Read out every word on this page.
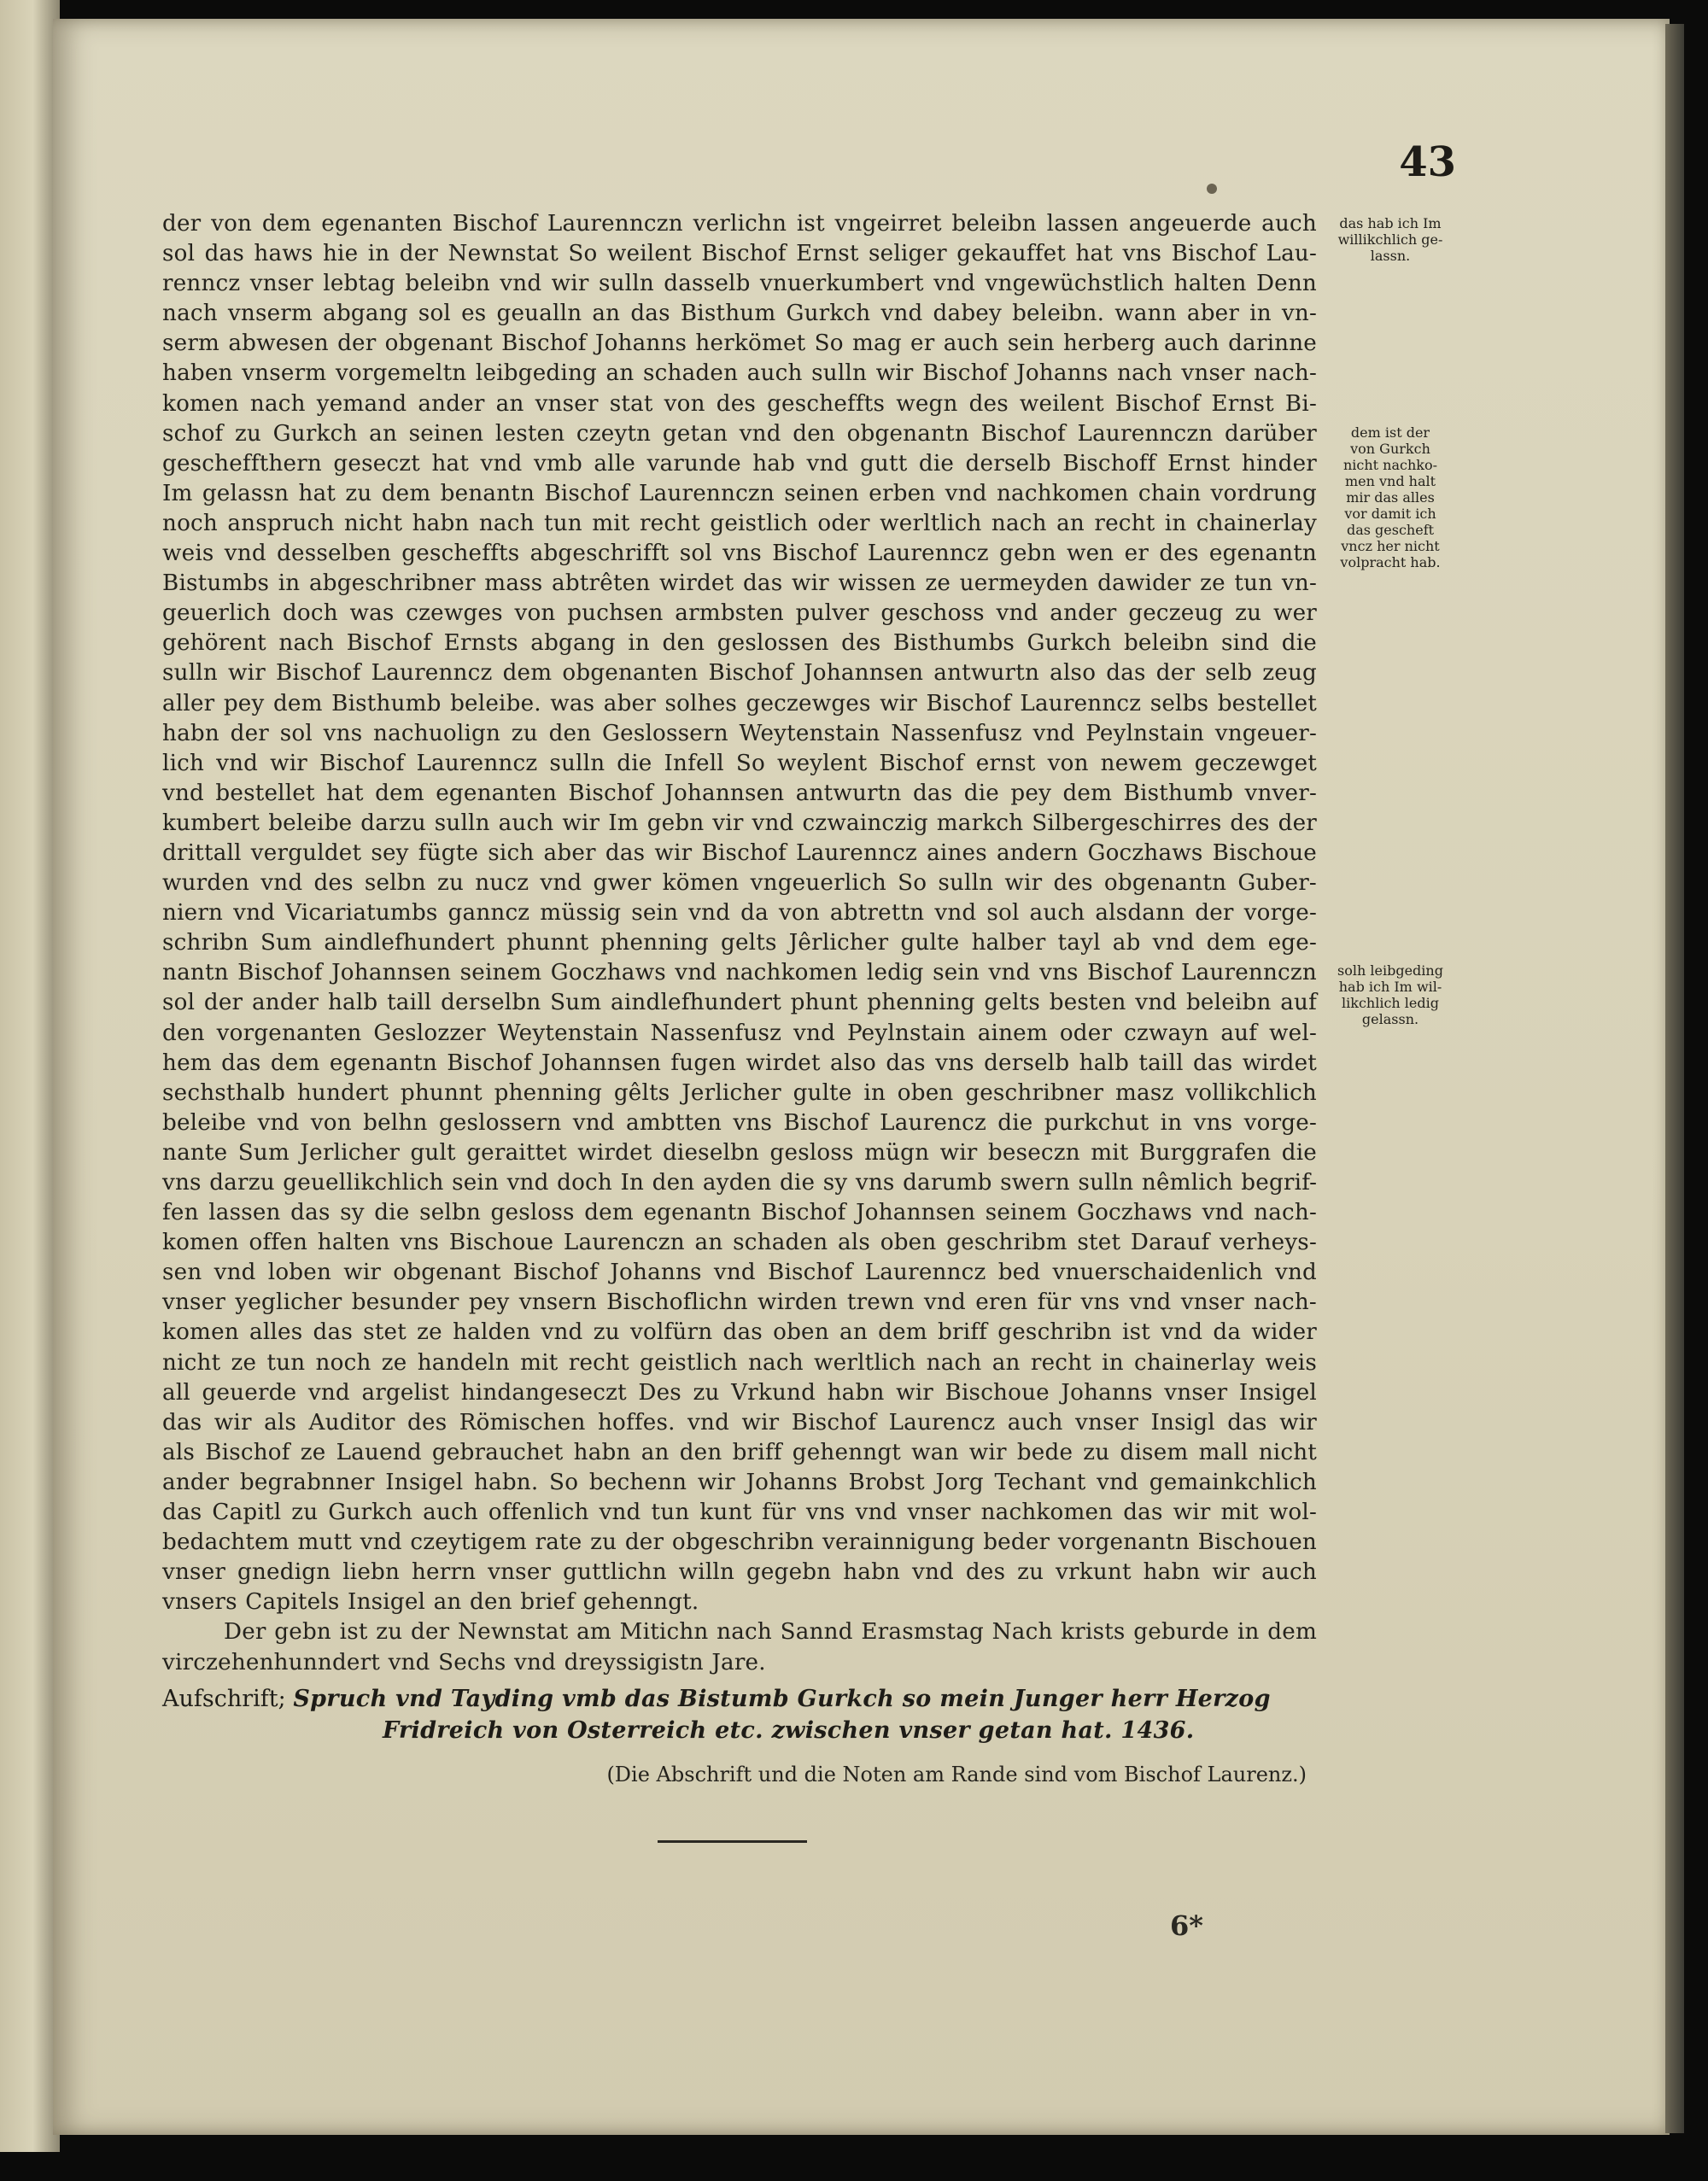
43
der von dem egenanten Bischof Laurennczn verlichn ist vngeirret beleibn lassen angeuerde auch
sol das haws hie in der Newnstat So weilent Bischof Ernst seliger gekauffet hat vns Bischof Lau-
renncz vnser lebtag beleibn vnd wir sulln dasselb vnuerkumbert vnd vngewüchstlich halten Denn
nach vnserm abgang sol es geualln an das Bisthum Gurkch vnd dabey beleibn. wann aber in vn-
serm abwesen der obgenant Bischof Johanns herkömet So mag er auch sein herberg auch darinne
haben vnserm vorgemeltn leibgeding an schaden auch sulln wir Bischof Johanns nach vnser nach-
komen nach yemand ander an vnser stat von des gescheffts wegn des weilent Bischof Ernst Bi-
schof zu Gurkch an seinen lesten czeytn getan vnd den obgenantn Bischof Laurennczn darüber
gescheffthern geseczt hat vnd vmb alle varunde hab vnd gutt die derselb Bischoff Ernst hinder
Im gelassn hat zu dem benantn Bischof Laurennczn seinen erben vnd nachkomen chain vordrung
noch anspruch nicht habn nach tun mit recht geistlich oder werltlich nach an recht in chainerlay
weis vnd desselben gescheffts abgeschrifft sol vns Bischof Laurenncz gebn wen er des egenantn
Bistumbs in abgeschribner mass abtrêten wirdet das wir wissen ze uermeyden dawider ze tun vn-
geuerlich doch was czewges von puchsen armbsten pulver geschoss vnd ander geczeug zu wer
gehörent nach Bischof Ernsts abgang in den geslossen des Bisthumbs Gurkch beleibn sind die
sulln wir Bischof Laurenncz dem obgenanten Bischof Johannsen antwurtn also das der selb zeug
aller pey dem Bisthumb beleibe. was aber solhes geczewges wir Bischof Laurenncz selbs bestellet
habn der sol vns nachuolign zu den Geslossern Weytenstain Nassenfusz vnd Peylnstain vngeuer-
lich vnd wir Bischof Laurenncz sulln die Infell So weylent Bischof ernst von newem geczewget
vnd bestellet hat dem egenanten Bischof Johannsen antwurtn das die pey dem Bisthumb vnver-
kumbert beleibe darzu sulln auch wir Im gebn vir vnd czwainczig markch Silbergeschirres des der
drittall verguldet sey fügte sich aber das wir Bischof Laurenncz aines andern Goczhaws Bischoue
wurden vnd des selbn zu nucz vnd gwer kömen vngeuerlich So sulln wir des obgenantn Guber-
niern vnd Vicariatumbs ganncz müssig sein vnd da von abtrettn vnd sol auch alsdann der vorge-
schribn Sum aindlefhundert phunnt phenning gelts Jêrlicher gulte halber tayl ab vnd dem ege-
nantn Bischof Johannsen seinem Goczhaws vnd nachkomen ledig sein vnd vns Bischof Laurennczn
sol der ander halb taill derselbn Sum aindlefhundert phunt phenning gelts besten vnd beleibn auf
den vorgenanten Geslozzer Weytenstain Nassenfusz vnd Peylnstain ainem oder czwayn auf wel-
hem das dem egenantn Bischof Johannsen fugen wirdet also das vns derselb halb taill das wirdet
sechsthalb hundert phunnt phenning gêlts Jerlicher gulte in oben geschribner masz vollikchlich
beleibe vnd von belhn geslossern vnd ambtten vns Bischof Laurencz die purkchut in vns vorge-
nante Sum Jerlicher gult geraittet wirdet dieselbn gesloss mügn wir beseczn mit Burggrafen die
vns darzu geuellikchlich sein vnd doch In den ayden die sy vns darumb swern sulln nêmlich begrif-
fen lassen das sy die selbn gesloss dem egenantn Bischof Johannsen seinem Goczhaws vnd nach-
komen offen halten vns Bischoue Laurenczn an schaden als oben geschribm stet Darauf verheys-
sen vnd loben wir obgenant Bischof Johanns vnd Bischof Laurenncz bed vnuerschaidenlich vnd
vnser yeglicher besunder pey vnsern Bischoflichn wirden trewn vnd eren für vns vnd vnser nach-
komen alles das stet ze halden vnd zu volfürn das oben an dem briff geschribn ist vnd da wider
nicht ze tun noch ze handeln mit recht geistlich nach werltlich nach an recht in chainerlay weis
all geuerde vnd argelist hindangeseczt Des zu Vrkund habn wir Bischoue Johanns vnser Insigel
das wir als Auditor des Römischen hoffes. vnd wir Bischof Laurencz auch vnser Insigl das wir
als Bischof ze Lauend gebrauchet habn an den briff gehenngt wan wir bede zu disem mall nicht
ander begrabnner Insigel habn. So bechenn wir Johanns Brobst Jorg Techant vnd gemainkchlich
das Capitl zu Gurkch auch offenlich vnd tun kunt für vns vnd vnser nachkomen das wir mit wol-
bedachtem mutt vnd czeytigem rate zu der obgeschribn verainnigung beder vorgenantn Bischouen
vnser gnedign liebn herrn vnser guttlichn willn gegebn habn vnd des zu vrkunt habn wir auch
vnsers Capitels Insigel an den brief gehenngt.
Der gebn ist zu der Newnstat am Mitichn nach Sannd Erasmstag Nach krists geburde in dem
virczehenhunndert vnd Sechs vnd dreyssigistn Jare.
das hab ich Im
willikchlich ge-
lassn.
dem ist der
von Gurkch
nicht nachko-
men vnd halt
mir das alles
vor damit ich
das gescheft
vncz her nicht
volpracht hab.
solh leibgeding
hab ich Im wil-
likchlich ledig
gelassn.
Aufschrift; Spruch vnd Tayding vmb das Bistumb Gurkch so mein Junger herr Herzog
Fridreich von Osterreich etc. zwischen vnser getan hat. 1436.
(Die Abschrift und die Noten am Rande sind vom Bischof Laurenz.)
6*
